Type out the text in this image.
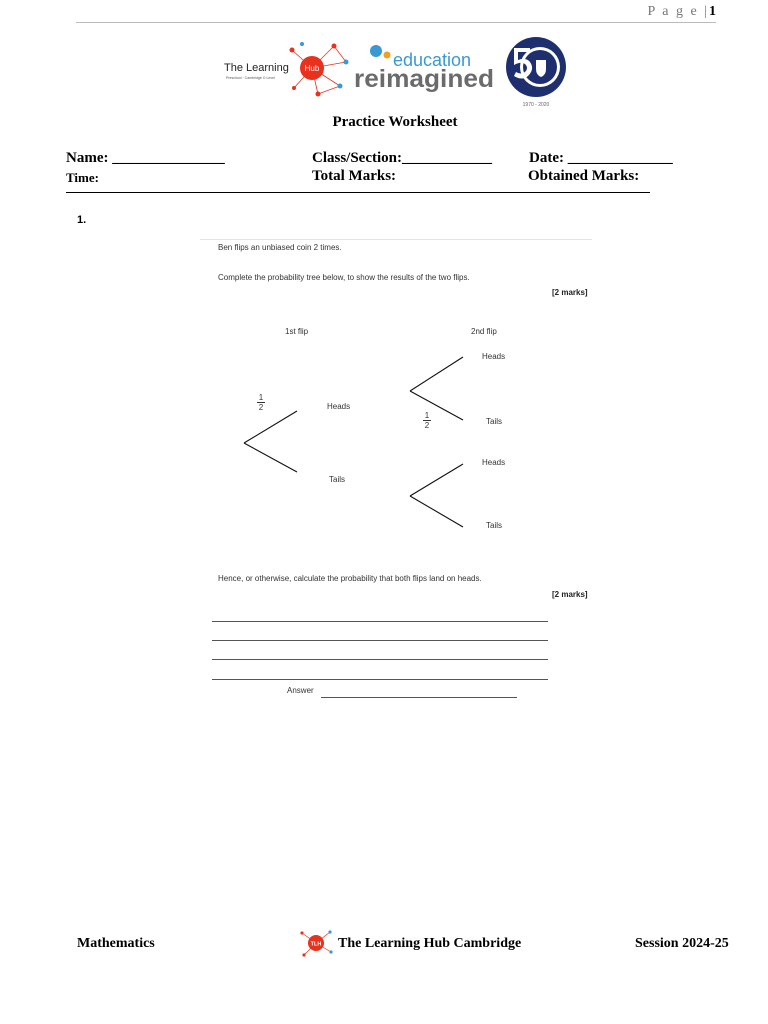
P a g e |1
Hub
The Learning
Preschool · Cambridge O Level
education
reimagined
1970 - 2020
Practice Worksheet
Name: _______________	Class/Section:____________ Date: ______________
Time:	Total Marks:	Obtained Marks:
1.
Ben flips an unbiased coin 2 times.
Complete the probability tree below, to show the results of the two flips.
[2 marks]
1st flip	2nd flip
1
2	Heads
Tails
Heads
1
2	Tails
Heads
Tails
Hence, or otherwise, calculate the probability that both flips land on heads.
[2 marks]
Answer
Mathematics	TLH The Learning Hub Cambridge	Session 2024-25
